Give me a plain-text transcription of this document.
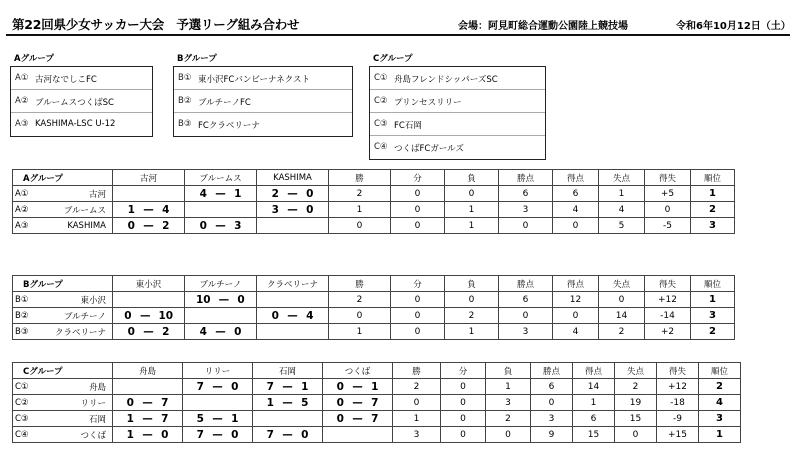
第22回県少女サッカー大会　予選リーグ組み合わせ	会場：阿見町総合運動公園陸上競技場	令和6年10月12日（土）
Aグループ
A① 古河なでしこFC
A② ブルームスつくばSC
A③ KASHIMA-LSC U-12
Bグループ
B① 東小沢FCバンビーナネクスト
B② ブルチーノFC
B③ FCクラベリーナ
Cグループ
C① 舟島フレンドシッパーズSC
C② プリンセスリリー
C③ FC石岡
C④ つくばFCガールズ
Aグループ		古河	ブルームス	KASHIMA	勝	分	負	勝点	得点	失点	得失	順位
A①	古河		4 — 1	2 — 0	2	0	0	6	6	1	+5	1
A②	ブルームス	1 — 4		3 — 0	1	0	1	3	4	4	0	2
A③	KASHIMA	0 — 2	0 — 3		0	0	1	0	0	5	-5	3
Bグループ		東小沢	ブルチーノ	クラベリーナ	勝	分	負	勝点	得点	失点	得失	順位
B①	東小沢		10 — 0		2	0	0	6	12	0	+12	1
B②	ブルチーノ	0 — 10		0 — 4	0	0	2	0	0	14	-14	3
B③	クラベリーナ	0 — 2	4 — 0		1	0	1	3	4	2	+2	2
Cグループ		舟島	リリー	石岡	つくば	勝	分	負	勝点	得点	失点	得失	順位
C①	舟島		7 — 0	7 — 1	0 — 1	2	0	1	6	14	2	+12	2
C②	リリー	0 — 7		1 — 5	0 — 7	0	0	3	0	1	19	-18	4
C③	石岡	1 — 7	5 — 1		0 — 7	1	0	2	3	6	15	-9	3
C④	つくば	1 — 0	7 — 0	7 — 0		3	0	0	9	15	0	+15	1
